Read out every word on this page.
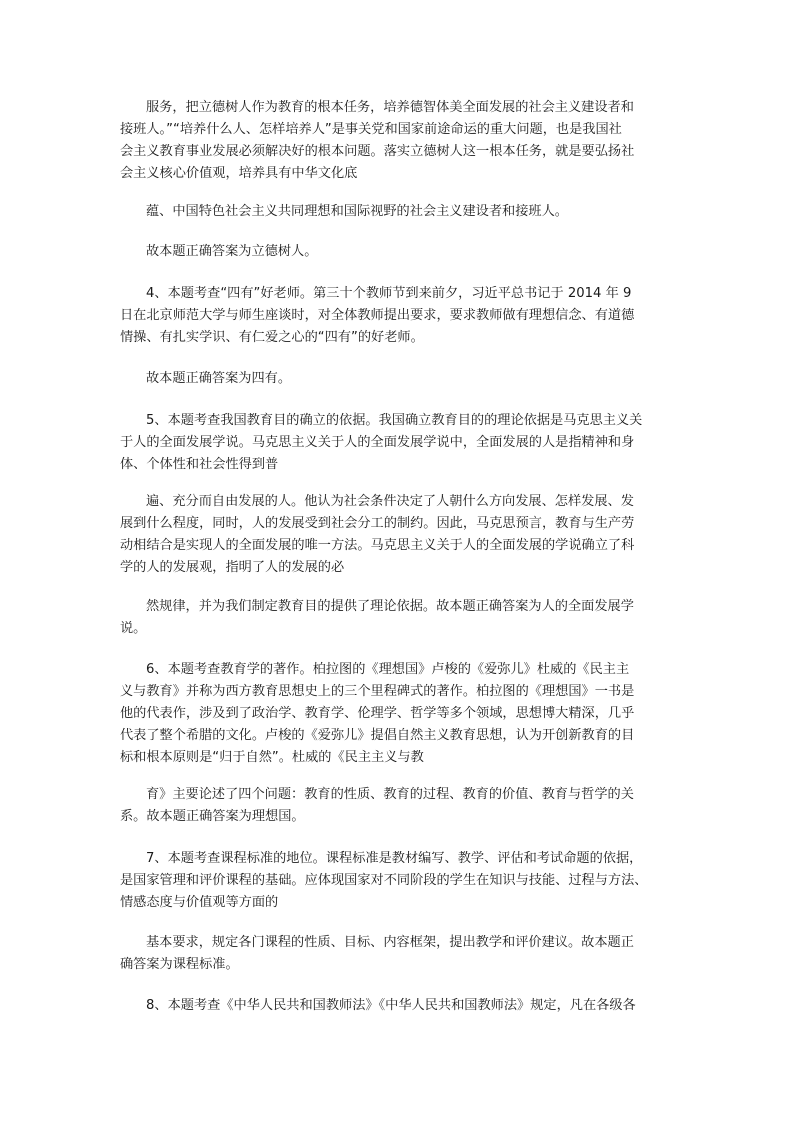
服务，把立德树人作为教育的根本任务，培养德智体美全面发展的社会主义建设者和
接班人。”“培养什么人、怎样培养人”是事关党和国家前途命运的重大问题，也是我国社
会主义教育事业发展必须解决好的根本问题。落实立德树人这一根本任务，就是要弘扬社
会主义核心价值观，培养具有中华文化底
蕴、中国特色社会主义共同理想和国际视野的社会主义建设者和接班人。
故本题正确答案为立德树人。
4、本题考查“四有”好老师。第三十个教师节到来前夕，习近平总书记于 2014 年 9
日在北京师范大学与师生座谈时，对全体教师提出要求，要求教师做有理想信念、有道德
情操、有扎实学识、有仁爱之心的“四有”的好老师。
故本题正确答案为四有。
5、本题考查我国教育目的确立的依据。我国确立教育目的的理论依据是马克思主义关
于人的全面发展学说。马克思主义关于人的全面发展学说中，全面发展的人是指精神和身
体、个体性和社会性得到普
遍、充分而自由发展的人。他认为社会条件决定了人朝什么方向发展、怎样发展、发
展到什么程度，同时，人的发展受到社会分工的制约。因此，马克思预言，教育与生产劳
动相结合是实现人的全面发展的唯一方法。马克思主义关于人的全面发展的学说确立了科
学的人的发展观，指明了人的发展的必
然规律，并为我们制定教育目的提供了理论依据。故本题正确答案为人的全面发展学
说。
6、本题考查教育学的著作。柏拉图的《理想国》卢梭的《爱弥儿》杜威的《民主主
义与教育》并称为西方教育思想史上的三个里程碑式的著作。柏拉图的《理想国》一书是
他的代表作，涉及到了政治学、教育学、伦理学、哲学等多个领域，思想博大精深，几乎
代表了整个希腊的文化。卢梭的《爱弥儿》提倡自然主义教育思想，认为开创新教育的目
标和根本原则是“归于自然”。杜威的《民主主义与教
育》主要论述了四个问题：教育的性质、教育的过程、教育的价值、教育与哲学的关
系。故本题正确答案为理想国。
7、本题考查课程标准的地位。课程标准是教材编写、教学、评估和考试命题的依据，
是国家管理和评价课程的基础。应体现国家对不同阶段的学生在知识与技能、过程与方法、
情感态度与价值观等方面的
基本要求，规定各门课程的性质、目标、内容框架，提出教学和评价建议。故本题正
确答案为课程标准。
8、本题考查《中华人民共和国教师法》《中华人民共和国教师法》规定，凡在各级各
